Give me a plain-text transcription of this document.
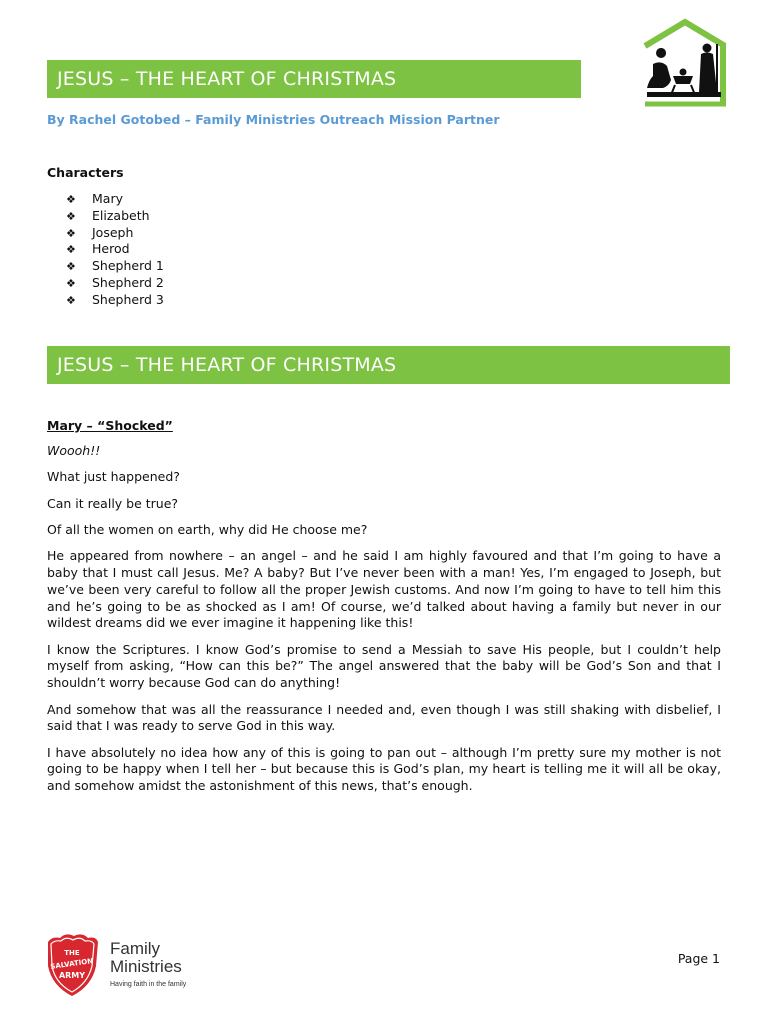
JESUS – THE HEART OF CHRISTMAS
By Rachel Gotobed – Family Ministries Outreach Mission Partner
Characters
❖ Mary
❖ Elizabeth
❖ Joseph
❖ Herod
❖ Shepherd 1
❖ Shepherd 2
❖ Shepherd 3
JESUS – THE HEART OF CHRISTMAS
Mary – “Shocked”

Woooh!!

What just happened?

Can it really be true?

Of all the women on earth, why did He choose me?

He appeared from nowhere – an angel – and he said I am highly favoured and that I’m going to have a baby that I must call Jesus. Me? A baby? But I’ve never been with a man! Yes, I’m engaged to Joseph, but we’ve been very careful to follow all the proper Jewish customs. And now I’m going to have to tell him this and he’s going to be as shocked as I am! Of course, we’d talked about having a family but never in our wildest dreams did we ever imagine it happening like this!

I know the Scriptures. I know God’s promise to send a Messiah to save His people, but I couldn’t help myself from asking, “How can this be?” The angel answered that the baby will be God’s Son and that I shouldn’t worry because God can do anything!

And somehow that was all the reassurance I needed and, even though I was still shaking with disbelief, I said that I was ready to serve God in this way.

I have absolutely no idea how any of this is going to pan out – although I’m pretty sure my mother is not going to be happy when I tell her – but because this is God’s plan, my heart is telling me it will all be okay, and somehow amidst the astonishment of this news, that’s enough.

THE
SALVATION
ARMY
Family
Ministries
Having faith in the family
Page 1
